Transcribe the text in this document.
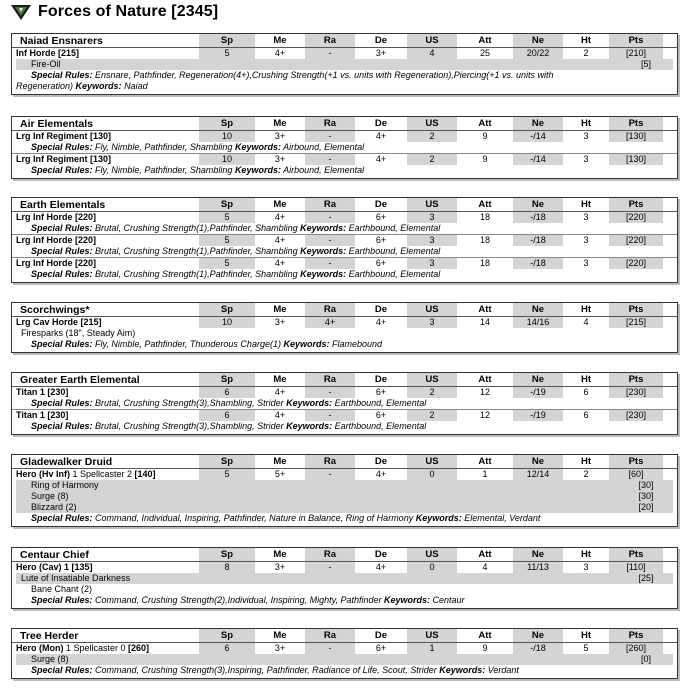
Forces of Nature [2345]
Naiad Ensnarers	Sp	Me	Ra	De	US	Att	Ne	Ht	Pts
Inf Horde [215]	5	4+	-	3+	4	25	20/22	2	[210]
Fire-Oil	[5]
Special Rules: Ensnare, Pathfinder, Regeneration(4+),Crushing Strength(+1 vs. units with Regeneration),Piercing(+1 vs. units with
Regeneration) Keywords: Naiad
Air Elementals	Sp	Me	Ra	De	US	Att	Ne	Ht	Pts
Lrg Inf Regiment [130]	10	3+	-	4+	2	9	-/14	3	[130]
Special Rules: Fly, Nimble, Pathfinder, Shambling Keywords: Airbound, Elemental
Lrg Inf Regiment [130]	10	3+	-	4+	2	9	-/14	3	[130]
Special Rules: Fly, Nimble, Pathfinder, Shambling Keywords: Airbound, Elemental
Earth Elementals	Sp	Me	Ra	De	US	Att	Ne	Ht	Pts
Lrg Inf Horde [220]	5	4+	-	6+	3	18	-/18	3	[220]
Special Rules: Brutal, Crushing Strength(1),Pathfinder, Shambling Keywords: Earthbound, Elemental
Lrg Inf Horde [220]	5	4+	-	6+	3	18	-/18	3	[220]
Special Rules: Brutal, Crushing Strength(1),Pathfinder, Shambling Keywords: Earthbound, Elemental
Lrg Inf Horde [220]	5	4+	-	6+	3	18	-/18	3	[220]
Special Rules: Brutal, Crushing Strength(1),Pathfinder, Shambling Keywords: Earthbound, Elemental
Scorchwings*	Sp	Me	Ra	De	US	Att	Ne	Ht	Pts
Lrg Cav Horde [215]	10	3+	4+	4+	3	14	14/16	4	[215]
Firesparks (18", Steady Aim)
Special Rules: Fly, Nimble, Pathfinder, Thunderous Charge(1) Keywords: Flamebound
Greater Earth Elemental	Sp	Me	Ra	De	US	Att	Ne	Ht	Pts
Titan 1 [230]	6	4+	-	6+	2	12	-/19	6	[230]
Special Rules: Brutal, Crushing Strength(3),Shambling, Strider Keywords: Earthbound, Elemental
Titan 1 [230]	6	4+	-	6+	2	12	-/19	6	[230]
Special Rules: Brutal, Crushing Strength(3),Shambling, Strider Keywords: Earthbound, Elemental
Gladewalker Druid	Sp	Me	Ra	De	US	Att	Ne	Ht	Pts
Hero (Hv Inf) 1 Spellcaster 2 [140]	5	5+	-	4+	0	1	12/14	2	[60]
Ring of Harmony	[30]
Surge (8)	[30]
Blizzard (2)	[20]
Special Rules: Command, Individual, Inspiring, Pathfinder, Nature in Balance, Ring of Harmony Keywords: Elemental, Verdant
Centaur Chief	Sp	Me	Ra	De	US	Att	Ne	Ht	Pts
Hero (Cav) 1 [135]	8	3+	-	4+	0	4	11/13	3	[110]
Lute of Insatiable Darkness	[25]
Bane Chant (2)
Special Rules: Command, Crushing Strength(2),Individual, Inspiring, Mighty, Pathfinder Keywords: Centaur
Tree Herder	Sp	Me	Ra	De	US	Att	Ne	Ht	Pts
Hero (Mon) 1 Spellcaster 0 [260]	6	3+	-	6+	1	9	-/18	5	[260]
Surge (8)	[0]
Special Rules: Command, Crushing Strength(3),Inspiring, Pathfinder, Radiance of Life, Scout, Strider Keywords: Verdant
